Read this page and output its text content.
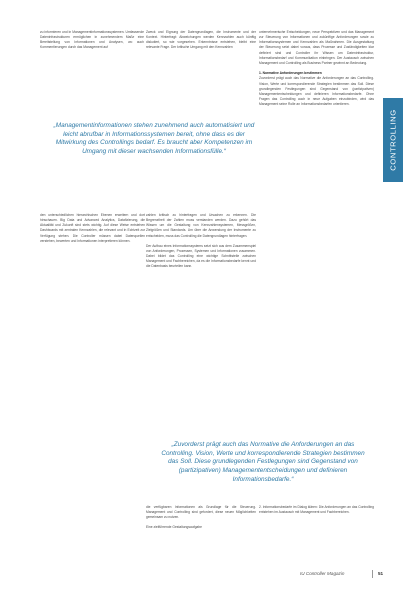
zu informieren und in Managementinformationssystemen. Umfassende Dateninfrastrukturen ermöglichen in zunehmendem Maße eine Bereitstellung von Informationen und Analysen, wo auch Kommentierungen durch das Management auf

Zweck und Eignung der Datengrundlagen, die Instrumente und der Kontext. Hinterfragt: Abweichungen werden Kennzahlen auch künftig diskutiert, so wie vorgesehen. Erkenntnisse entstehen, bleibt eine relevante Frage. Der kritische Umgang mit den Kennzahlen

„Managementinformationen stehen zunehmend auch automatisiert und leicht abrufbar in Informationssystemen bereit, ohne dass es der Mitwirkung des Controllings bedarf. Es braucht aber Kompetenzen im Umgang mit dieser wachsenden Informationsfülle.“

den unterschiedlichen hierarchischen Ebenen erweitern und dort hinschauen. Big Data und Advanced Analytics, Datafizierung, die Aktualität und Zukunft sind stets wichtig. Auf diese Weise entstehen Dashboards mit zentralen Kennzahlen, die relevant und in Echtzeit zur Verfügung stehen. Die Controller müssen dabei Datenquellen verstehen, bewerten und Informationen interpretieren können.

zahlen kritisch zu hinterfragen und Ursachen zu erkennen. Die Begrenztheit der Zahlen muss verstanden werden. Dazu gehört das Wissen um die Gestaltung von Kennzahlensystemen, Messgrößen, Zielgrößen und Standards. Um über die Anwendung der Instrumente zu entscheiden, muss das Controlling die Datengrundlagen hinterfragen.

Der Aufbau eines Informationssystems setzt sich aus dem Zusammenspiel von Anforderungen, Prozessen, Systemen und Informationen zusammen. Dabei bildet das Controlling eine wichtige Schnittstelle zwischen Management und Fachbereichen, da es die Informationsbedarfe kennt und die Datenbasis beurteilen kann.

unternehmerische Entscheidungen, neue Perspektiven und das Management zur Steuerung von Informationen und zukünftige Anforderungen sowie zu Informationssystemen und Kennzahlen als Maßnahmen. Die Ausgestaltung der Steuerung setzt dabei voraus, dass Prozesse und Zuständigkeiten klar definiert sind und Controller ihr Wissen um Dateninfrastruktur, Informationsbedarf und Kommunikation einbringen. Der Austausch zwischen Management und Controlling als Business Partner gewinnt an Bedeutung.

1. Normative Anforderungen bestimmen

Zuvorderst prägt auch das Normative die Anforderungen an das Controlling. Vision, Werte und korrespondierende Strategien bestimmen das Soll. Diese grundlegenden Festlegungen sind Gegenstand von (partizipativen) Managemententscheidungen und definieren Informationsbedarfe. Ohne Fragen das Controlling auch in neue Aufgaben einzubinden, wird das Management seine Rolle an Informationsbedarfen orientieren.

„Zuvorderst prägt auch das Normative die Anforderungen an das Controlling. Vision, Werte und korrespondierende Strategien bestimmen das Soll. Diese grundlegenden Festlegungen sind Gegenstand von (partizipativen) Managemententscheidungen und definieren Informationsbedarfe.“

die verfügbaren Informationen als Grundlage für die Steuerung. Management und Controlling sind gefordert, diese neuen Möglichkeiten gemeinsam zu nutzen.

Eine zielführende Gestaltungsaufgabe

2. Informationsbedarfe im Dialog klären: Die Anforderungen an das Controlling entstehen im Austausch mit Management und Fachbereichen.

CONTROLLING
IU Controller Magazin	51
